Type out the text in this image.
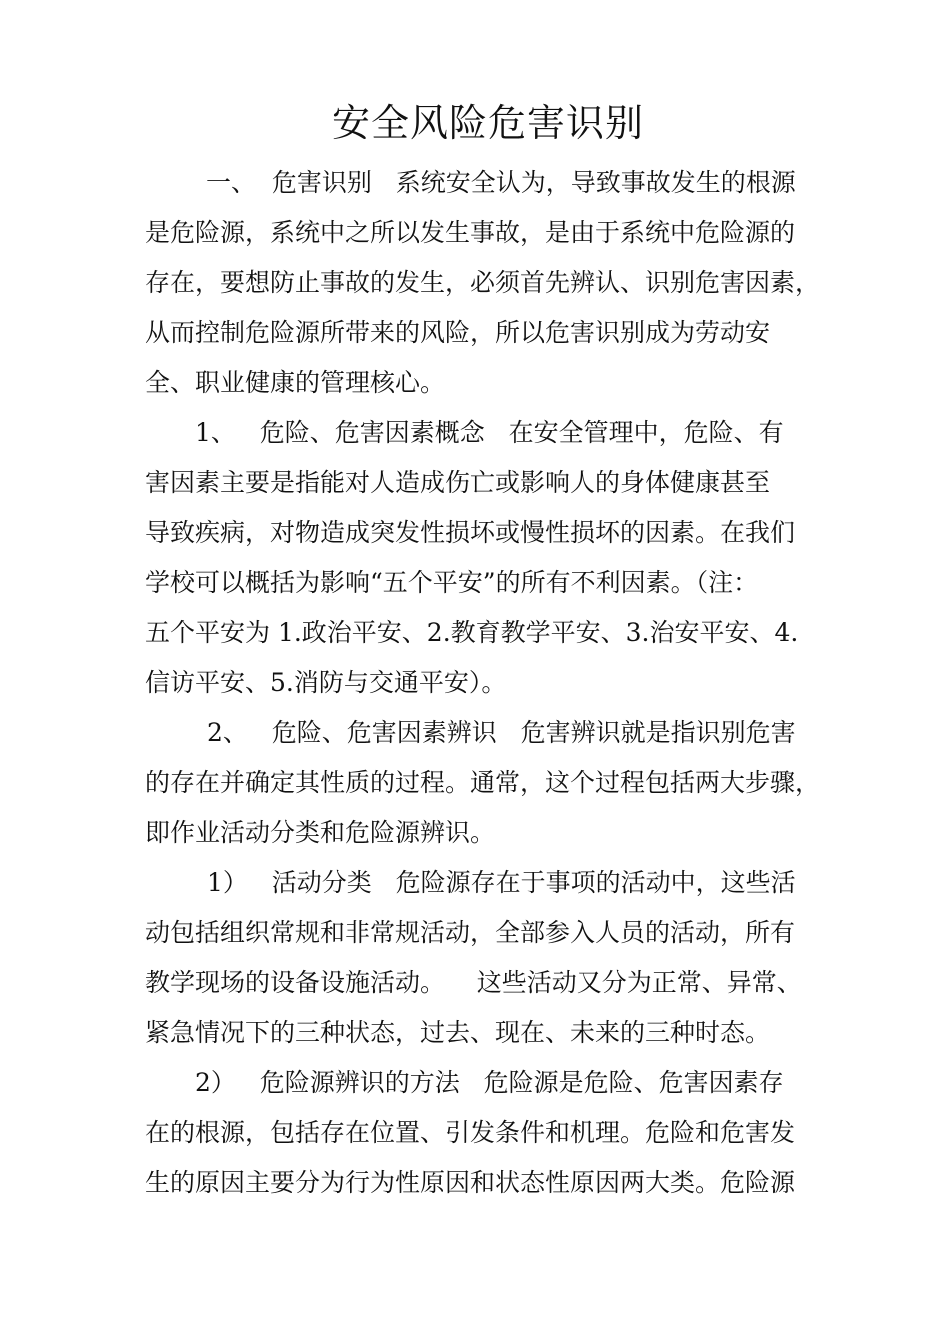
安全风险危害识别
一、  危害识别   系统安全认为，导致事故发生的根源
是危险源，系统中之所以发生事故，是由于系统中危险源的
存在，要想防止事故的发生，必须首先辨认、识别危害因素，
从而控制危险源所带来的风险，所以危害识别成为劳动安
全、职业健康的管理核心。
1、   危险、危害因素概念   在安全管理中，危险、有
害因素主要是指能对人造成伤亡或影响人的身体健康甚至
导致疾病，对物造成突发性损坏或慢性损坏的因素。在我们
学校可以概括为影响“五个平安”的所有不利因素。（注：
五个平安为 1.政治平安、2.教育教学平安、3.治安平安、4.
信访平安、5.消防与交通平安）。
2、   危险、危害因素辨识   危害辨识就是指识别危害
的存在并确定其性质的过程。通常，这个过程包括两大步骤，
即作业活动分类和危险源辨识。
1）   活动分类   危险源存在于事项的活动中，这些活
动包括组织常规和非常规活动，全部参入人员的活动，所有
教学现场的设备设施活动。    这些活动又分为正常、异常、
紧急情况下的三种状态，过去、现在、未来的三种时态。
2）   危险源辨识的方法   危险源是危险、危害因素存
在的根源，包括存在位置、引发条件和机理。危险和危害发
生的原因主要分为行为性原因和状态性原因两大类。危险源
